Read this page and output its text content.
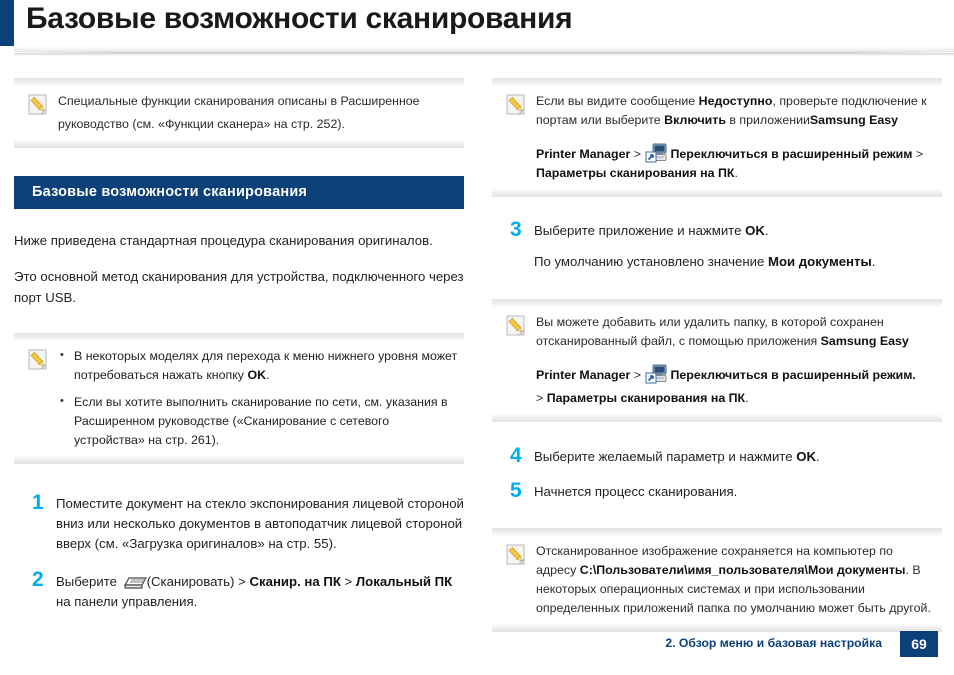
Базовые возможности сканирования

Специальные функции сканирования описаны в Расширенное

руководство (см. «Функции сканера» на стр. 252).

Базовые возможности сканирования

Ниже приведена стандартная процедура сканирования оригиналов.

Это основной метод сканирования для устройства, подключенного через порт USB.

• В некоторых моделях для перехода к меню нижнего уровня может потребоваться нажать кнопку OK.
• Если вы хотите выполнить сканирование по сети, см. указания в Расширенном руководстве («Сканирование с сетевого устройства» на стр. 261).
1 Поместите документ на стекло экспонирования лицевой стороной вниз или несколько документов в автоподатчик лицевой стороной вверх (см. «Загрузка оригиналов» на стр. 55).

2 Выберите (Сканировать) > Сканир. на ПК > Локальный ПК на панели управления.

Если вы видите сообщение Недоступно, проверьте подключение к портам или выберите Включить в приложенииSamsung Easy

Printer Manager > Переключиться в расширенный режим > Параметры сканирования на ПК.

3 Выберите приложение и нажмите OK.

По умолчанию установлено значение Мои документы.

Вы можете добавить или удалить папку, в которой сохранен отсканированный файл, с помощью приложения Samsung Easy

Printer Manager > Переключиться в расширенный режим.

> Параметры сканирования на ПК.

4 Выберите желаемый параметр и нажмите OK.

5 Начнется процесс сканирования.

Отсканированное изображение сохраняется на компьютер по адресу C:\Пользователи\имя_пользователя\Мои документы. В некоторых операционных системах и при использовании определенных приложений папка по умолчанию может быть другой.

2. Обзор меню и базовая настройка	69
